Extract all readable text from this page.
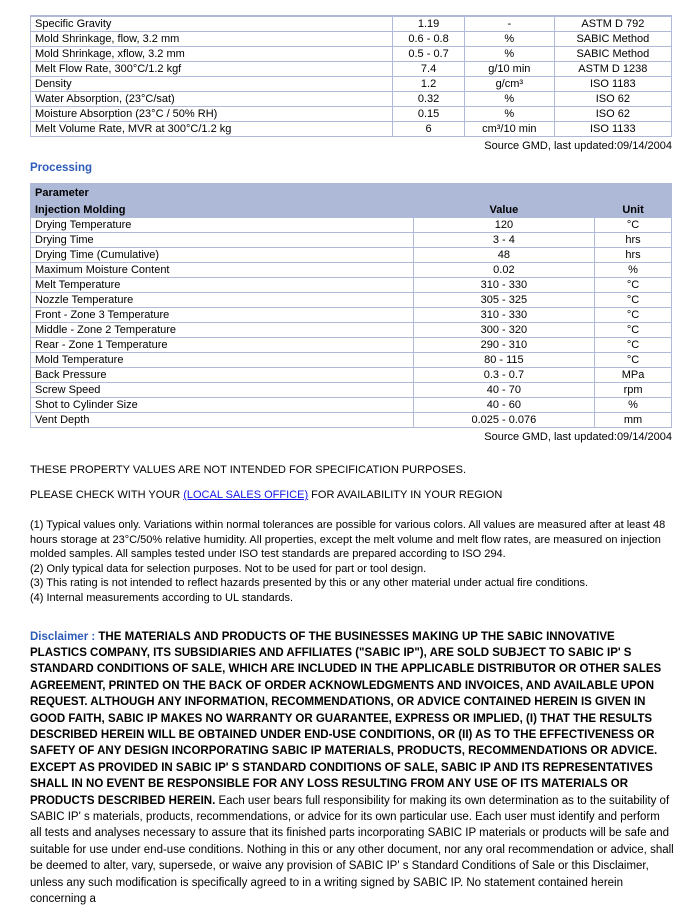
Specific Gravity	1.19	-	ASTM D 792
Mold Shrinkage, flow, 3.2 mm	0.6 - 0.8	%	SABIC Method
Mold Shrinkage, xflow, 3.2 mm	0.5 - 0.7	%	SABIC Method
Melt Flow Rate, 300°C/1.2 kgf	7.4	g/10 min	ASTM D 1238
Density	1.2	g/cm³	ISO 1183
Water Absorption, (23°C/sat)	0.32	%	ISO 62
Moisture Absorption (23°C / 50% RH)	0.15	%	ISO 62
Melt Volume Rate, MVR at 300°C/1.2 kg	6	cm³/10 min	ISO 1133
Source GMD, last updated:09/14/2004
Processing
Parameter		
Injection Molding	Value	Unit
Drying Temperature	120	°C
Drying Time	3 - 4	hrs
Drying Time (Cumulative)	48	hrs
Maximum Moisture Content	0.02	%
Melt Temperature	310 - 330	°C
Nozzle Temperature	305 - 325	°C
Front - Zone 3 Temperature	310 - 330	°C
Middle - Zone 2 Temperature	300 - 320	°C
Rear - Zone 1 Temperature	290 - 310	°C
Mold Temperature	80 - 115	°C
Back Pressure	0.3 - 0.7	MPa
Screw Speed	40 - 70	rpm
Shot to Cylinder Size	40 - 60	%
Vent Depth	0.025 - 0.076	mm
Source GMD, last updated:09/14/2004
THESE PROPERTY VALUES ARE NOT INTENDED FOR SPECIFICATION PURPOSES.
PLEASE CHECK WITH YOUR (LOCAL SALES OFFICE) FOR AVAILABILITY IN YOUR REGION
(1) Typical values only. Variations within normal tolerances are possible for various colors. All values are measured after at least 48 hours storage at 23°C/50% relative humidity. All properties, except the melt volume and melt flow rates, are measured on injection molded samples. All samples tested under ISO test standards are prepared according to ISO 294.
(2) Only typical data for selection purposes. Not to be used for part or tool design.
(3) This rating is not intended to reflect hazards presented by this or any other material under actual fire conditions.
(4) Internal measurements according to UL standards.
Disclaimer : THE MATERIALS AND PRODUCTS OF THE BUSINESSES MAKING UP THE SABIC INNOVATIVE PLASTICS COMPANY, ITS SUBSIDIARIES AND AFFILIATES ("SABIC IP"), ARE SOLD SUBJECT TO SABIC IP' S STANDARD CONDITIONS OF SALE, WHICH ARE INCLUDED IN THE APPLICABLE DISTRIBUTOR OR OTHER SALES AGREEMENT, PRINTED ON THE BACK OF ORDER ACKNOWLEDGMENTS AND INVOICES, AND AVAILABLE UPON REQUEST. ALTHOUGH ANY INFORMATION, RECOMMENDATIONS, OR ADVICE CONTAINED HEREIN IS GIVEN IN GOOD FAITH, SABIC IP MAKES NO WARRANTY OR GUARANTEE, EXPRESS OR IMPLIED, (I) THAT THE RESULTS DESCRIBED HEREIN WILL BE OBTAINED UNDER END-USE CONDITIONS, OR (II) AS TO THE EFFECTIVENESS OR SAFETY OF ANY DESIGN INCORPORATING SABIC IP MATERIALS, PRODUCTS, RECOMMENDATIONS OR ADVICE. EXCEPT AS PROVIDED IN SABIC IP' S STANDARD CONDITIONS OF SALE, SABIC IP AND ITS REPRESENTATIVES SHALL IN NO EVENT BE RESPONSIBLE FOR ANY LOSS RESULTING FROM ANY USE OF ITS MATERIALS OR PRODUCTS DESCRIBED HEREIN. Each user bears full responsibility for making its own determination as to the suitability of SABIC IP' s materials, products, recommendations, or advice for its own particular use. Each user must identify and perform all tests and analyses necessary to assure that its finished parts incorporating SABIC IP materials or products will be safe and suitable for use under end-use conditions. Nothing in this or any other document, nor any oral recommendation or advice, shall be deemed to alter, vary, supersede, or waive any provision of SABIC IP' s Standard Conditions of Sale or this Disclaimer, unless any such modification is specifically agreed to in a writing signed by SABIC IP. No statement contained herein concerning a
